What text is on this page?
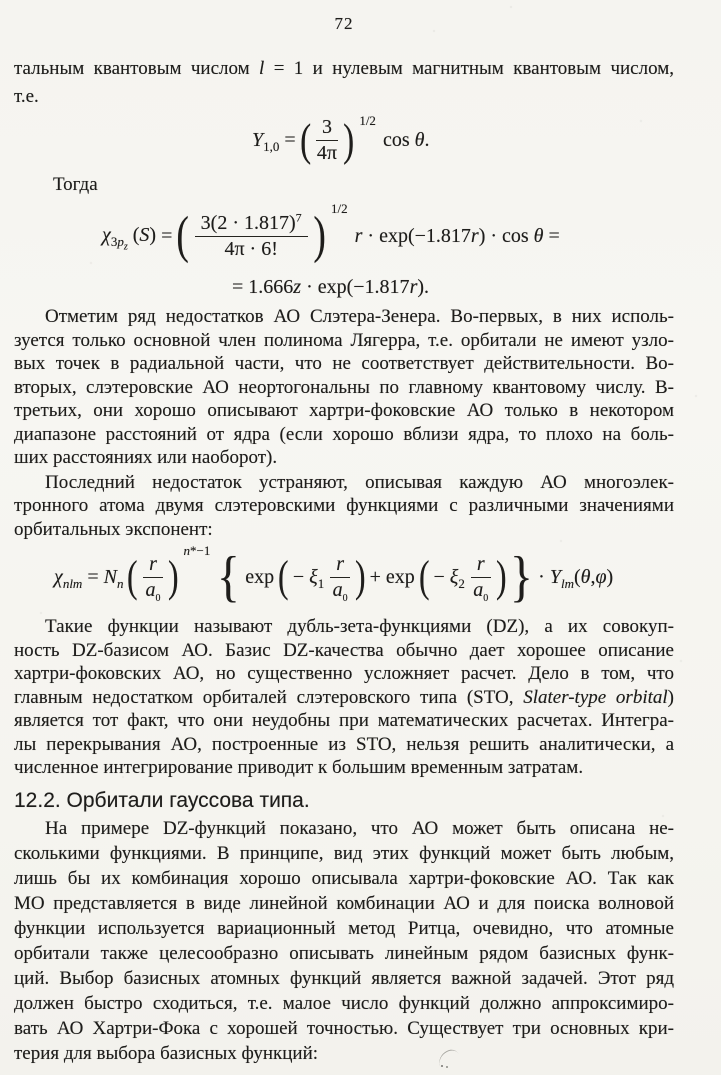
72
тальным квантовым числом l = 1 и нулевым магнитным квантовым числом,
т.е.
$Y_{1,0}$ = ( $\frac{3}{4\pi}$ ) $^{1/2}$
cos θ.
Тогда
$\chi_{3p_z}$ (S) = ( $\frac{3(2 \cdot 1.817)^7}{4\pi \cdot 6!}$ ) $^{1/2}$
r · exp(−1.817r) · cos θ =
= 1.666z · exp(−1.817r).
Отметим ряд недостатков АО Слэтера-Зенера. Во-первых, в них исполь-
зуется только основной член полинома Лягерра, т.е. орбитали не имеют узло-
вых точек в радиальной части, что не соответствует действительности. Во-
вторых, слэтеровские АО неортогональны по главному квантовому числу. В-
третьих, они хорошо описывают хартри-фоковские АО только в некотором
диапазоне расстояний от ядра (если хорошо вблизи ядра, то плохо на боль-
ших расстояниях или наоборот).
Последний недостаток устраняют, описывая каждую АО многоэлек-
тронного атома двумя слэтеровскими функциями с различными значениями
орбитальных экспонент:
$\chi_{nlm} = N_n$ ( $\frac{r}{a_0}$ )
$^{n*-1}$ { exp ( − $\xi_1 \frac{r}{a_0}$ ) + exp ( − $\xi_2 \frac{r}{a_0}$ ) } · $Y_{lm}(\theta,\varphi)$
Такие функции называют дубль-зета-функциями (DZ), а их совокуп-
ность DZ-базисом АО. Базис DZ-качества обычно дает хорошее описание
хартри-фоковских АО, но существенно усложняет расчет. Дело в том, что
главным недостатком орбиталей слэтеровского типа (STO, Slater-type orbital)
является тот факт, что они неудобны при математических расчетах. Интегра-
лы перекрывания АО, построенные из STO, нельзя решить аналитически, а
численное интегрирование приводит к большим временным затратам.
12.2. Орбитали гауссова типа.
На примере DZ-функций показано, что АО может быть описана не-
сколькими функциями. В принципе, вид этих функций может быть любым,
лишь бы их комбинация хорошо описывала хартри-фоковские АО. Так как
МО представляется в виде линейной комбинации АО и для поиска волновой
функции используется вариационный метод Ритца, очевидно, что атомные
орбитали также целесообразно описывать линейным рядом базисных функ-
ций. Выбор базисных атомных функций является важной задачей. Этот ряд
должен быстро сходиться, т.е. малое число функций должно аппроксимиро-
вать АО Хартри-Фока с хорошей точностью. Существует три основных кри-
терия для выбора базисных функций:
